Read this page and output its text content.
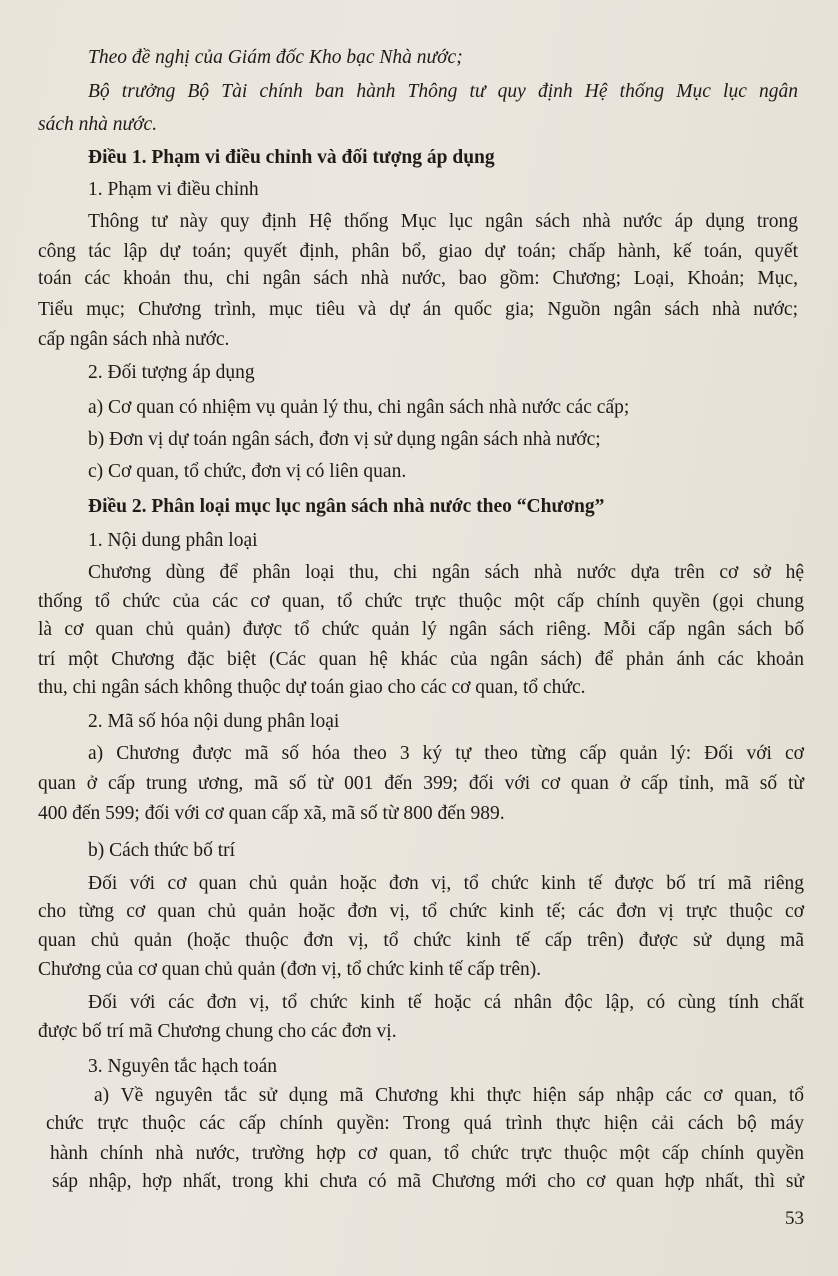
Theo đề nghị của Giám đốc Kho bạc Nhà nước;
Bộ trưởng Bộ Tài chính ban hành Thông tư quy định Hệ thống Mục lục ngân
sách nhà nước.
Điều 1. Phạm vi điều chỉnh và đối tượng áp dụng
1. Phạm vi điều chỉnh
Thông tư này quy định Hệ thống Mục lục ngân sách nhà nước áp dụng trong
công tác lập dự toán; quyết định, phân bổ, giao dự toán; chấp hành, kế toán, quyết
toán các khoản thu, chi ngân sách nhà nước, bao gồm: Chương; Loại, Khoản; Mục,
Tiểu mục; Chương trình, mục tiêu và dự án quốc gia; Nguồn ngân sách nhà nước;
cấp ngân sách nhà nước.
2. Đối tượng áp dụng
a) Cơ quan có nhiệm vụ quản lý thu, chi ngân sách nhà nước các cấp;
b) Đơn vị dự toán ngân sách, đơn vị sử dụng ngân sách nhà nước;
c) Cơ quan, tổ chức, đơn vị có liên quan.
Điều 2. Phân loại mục lục ngân sách nhà nước theo “Chương”
1. Nội dung phân loại
Chương dùng để phân loại thu, chi ngân sách nhà nước dựa trên cơ sở hệ
thống tổ chức của các cơ quan, tổ chức trực thuộc một cấp chính quyền (gọi chung
là cơ quan chủ quản) được tổ chức quản lý ngân sách riêng. Mỗi cấp ngân sách bố
trí một Chương đặc biệt (Các quan hệ khác của ngân sách) để phản ánh các khoản
thu, chi ngân sách không thuộc dự toán giao cho các cơ quan, tổ chức.
2. Mã số hóa nội dung phân loại
a) Chương được mã số hóa theo 3 ký tự theo từng cấp quản lý: Đối với cơ
quan ở cấp trung ương, mã số từ 001 đến 399; đối với cơ quan ở cấp tỉnh, mã số từ
400 đến 599; đối với cơ quan cấp xã, mã số từ 800 đến 989.
b) Cách thức bố trí
Đối với cơ quan chủ quản hoặc đơn vị, tổ chức kinh tế được bố trí mã riêng
cho từng cơ quan chủ quản hoặc đơn vị, tổ chức kinh tế; các đơn vị trực thuộc cơ
quan chủ quản (hoặc thuộc đơn vị, tổ chức kinh tế cấp trên) được sử dụng mã
Chương của cơ quan chủ quản (đơn vị, tổ chức kinh tế cấp trên).
Đối với các đơn vị, tổ chức kinh tế hoặc cá nhân độc lập, có cùng tính chất
được bố trí mã Chương chung cho các đơn vị.
3. Nguyên tắc hạch toán
a) Về nguyên tắc sử dụng mã Chương khi thực hiện sáp nhập các cơ quan, tổ
chức trực thuộc các cấp chính quyền: Trong quá trình thực hiện cải cách bộ máy
hành chính nhà nước, trường hợp cơ quan, tổ chức trực thuộc một cấp chính quyền
sáp nhập, hợp nhất, trong khi chưa có mã Chương mới cho cơ quan hợp nhất, thì sử
53
